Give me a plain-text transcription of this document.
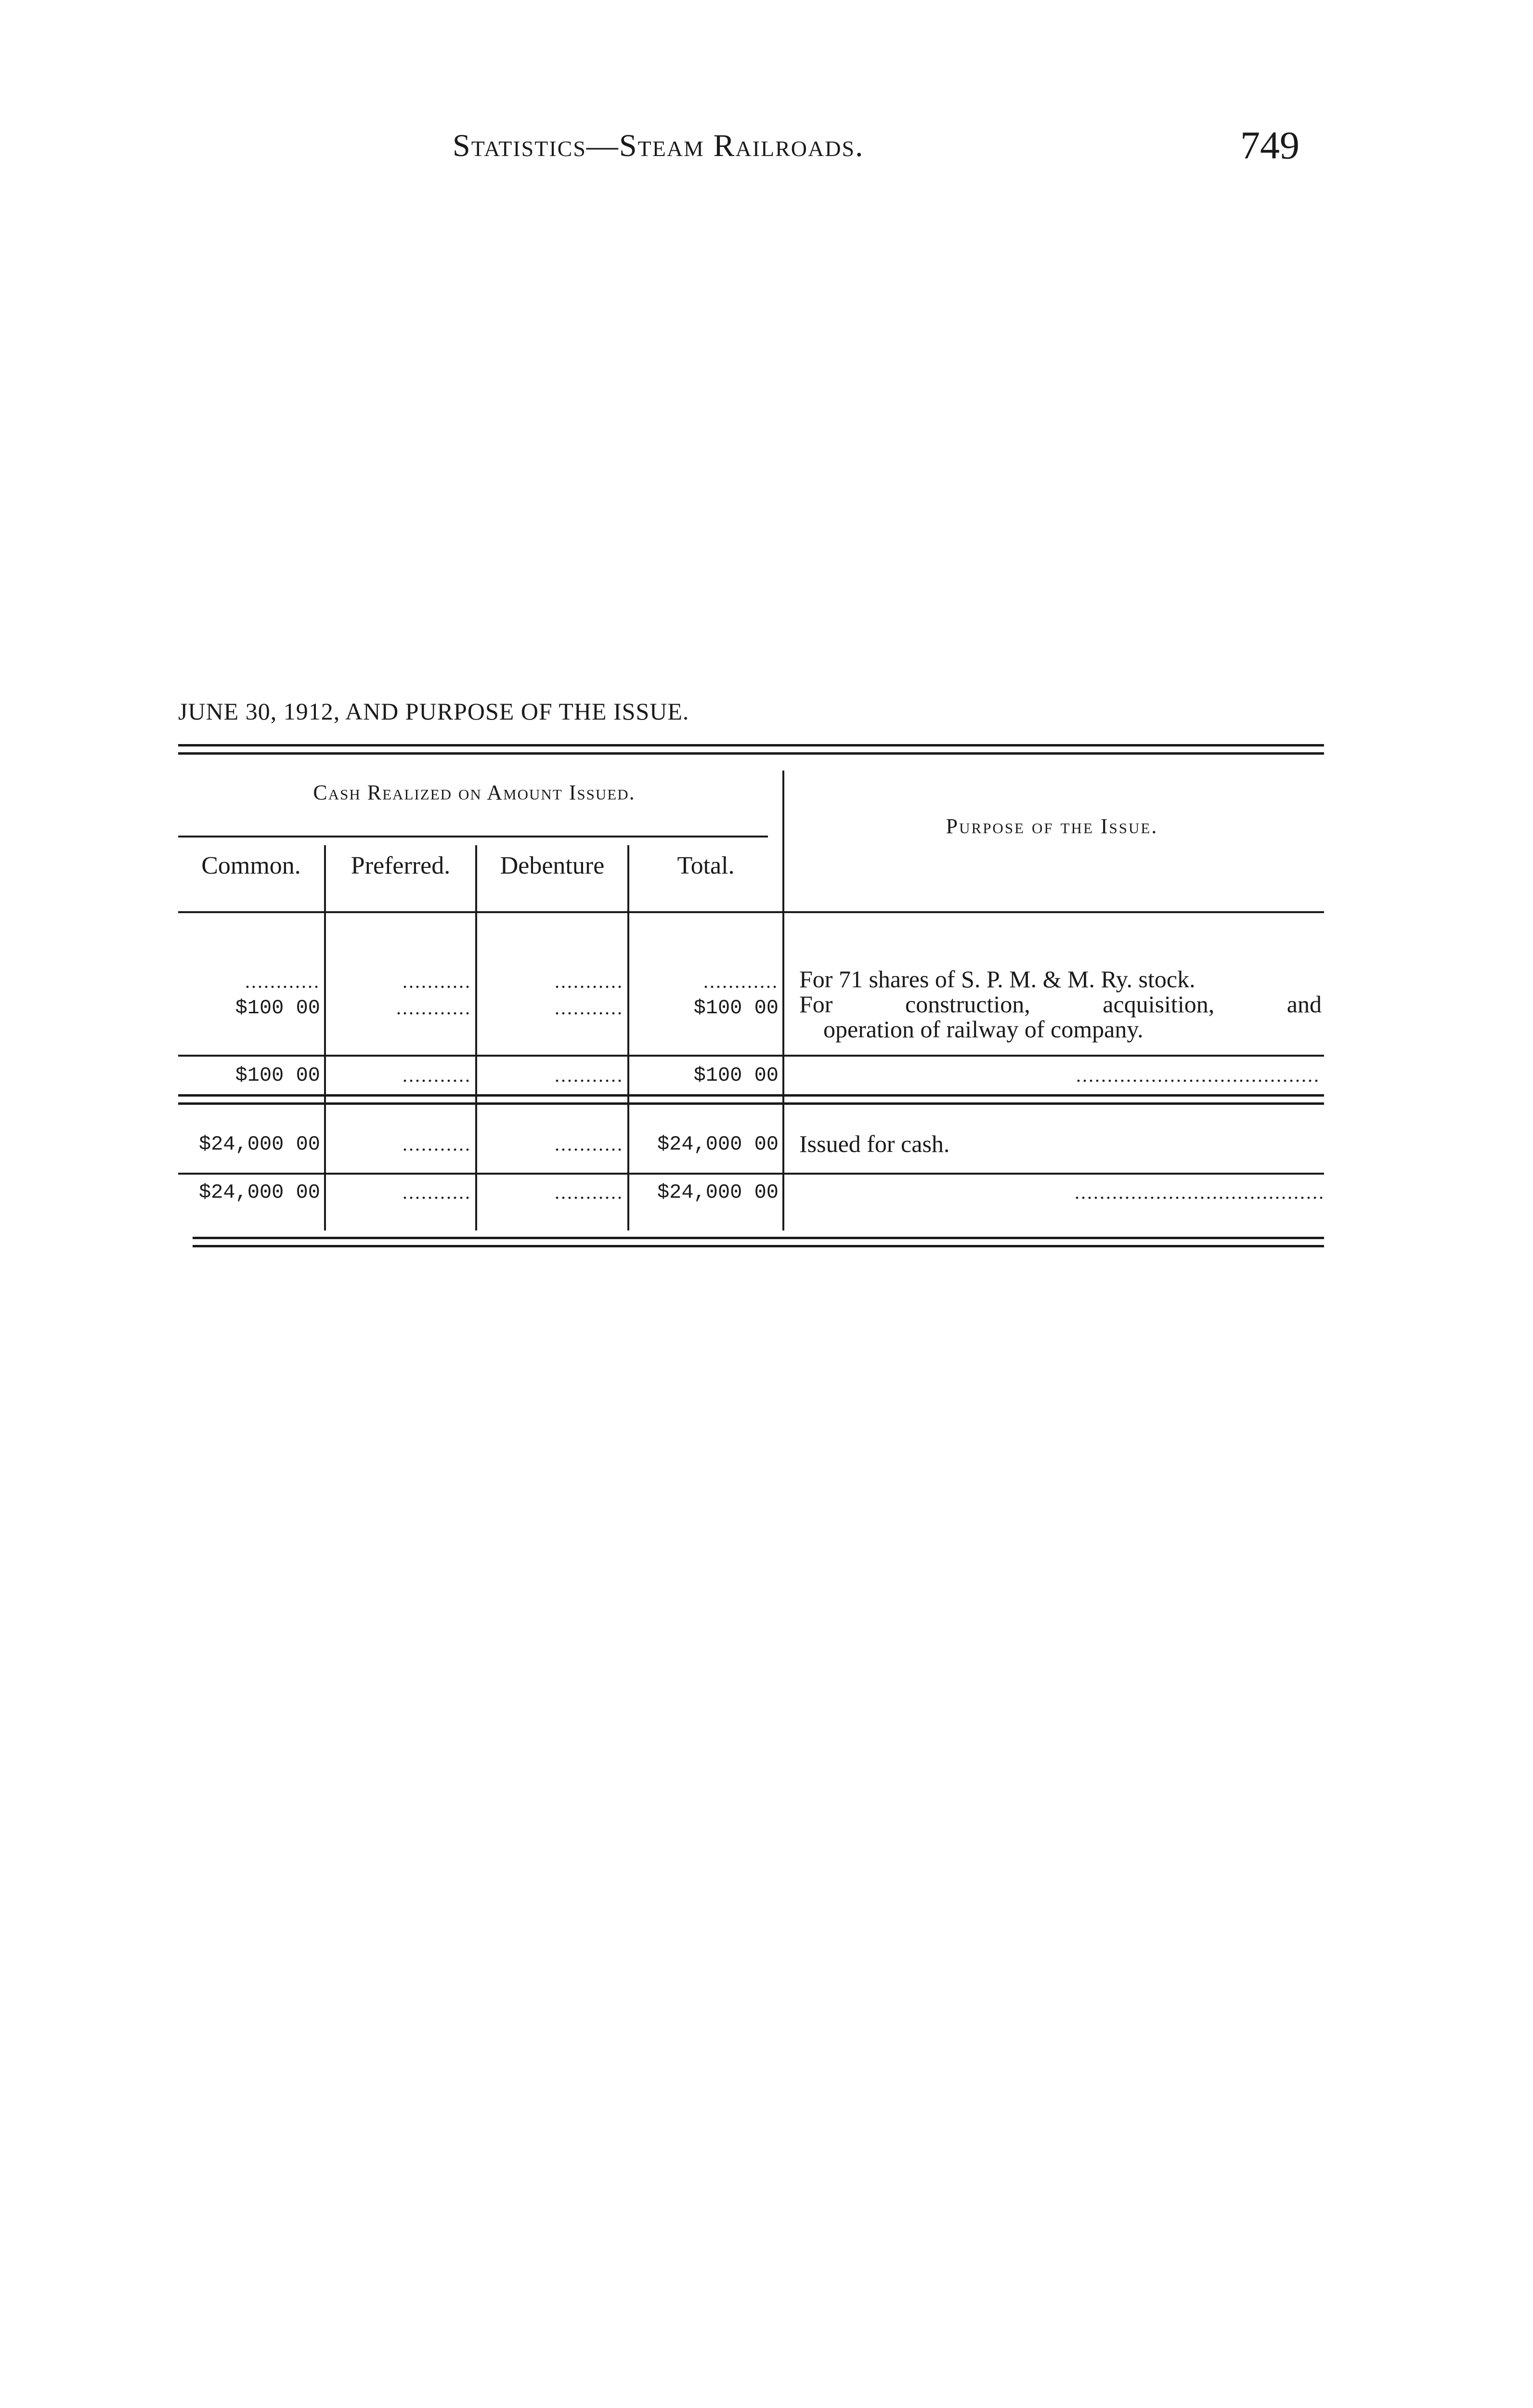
Statistics—Steam Railroads.	749
JUNE 30, 1912, AND PURPOSE OF THE ISSUE.
Cash Realized on Amount Issued.
Purpose of the Issue.
Common.	Preferred.	Debenture	Total.
............	...........	...........	............ For 71 shares of S. P. M. & M. Ry. stock.
$100 00	............	...........	$100 00 For construction, acquisition, and
operation of railway of company.
$100 00	...........	...........	$100 00	.......................................
$24,000 00	...........	...........	$24,000 00 Issued for cash.
$24,000 00	...........	...........	$24,000 00	........................................
